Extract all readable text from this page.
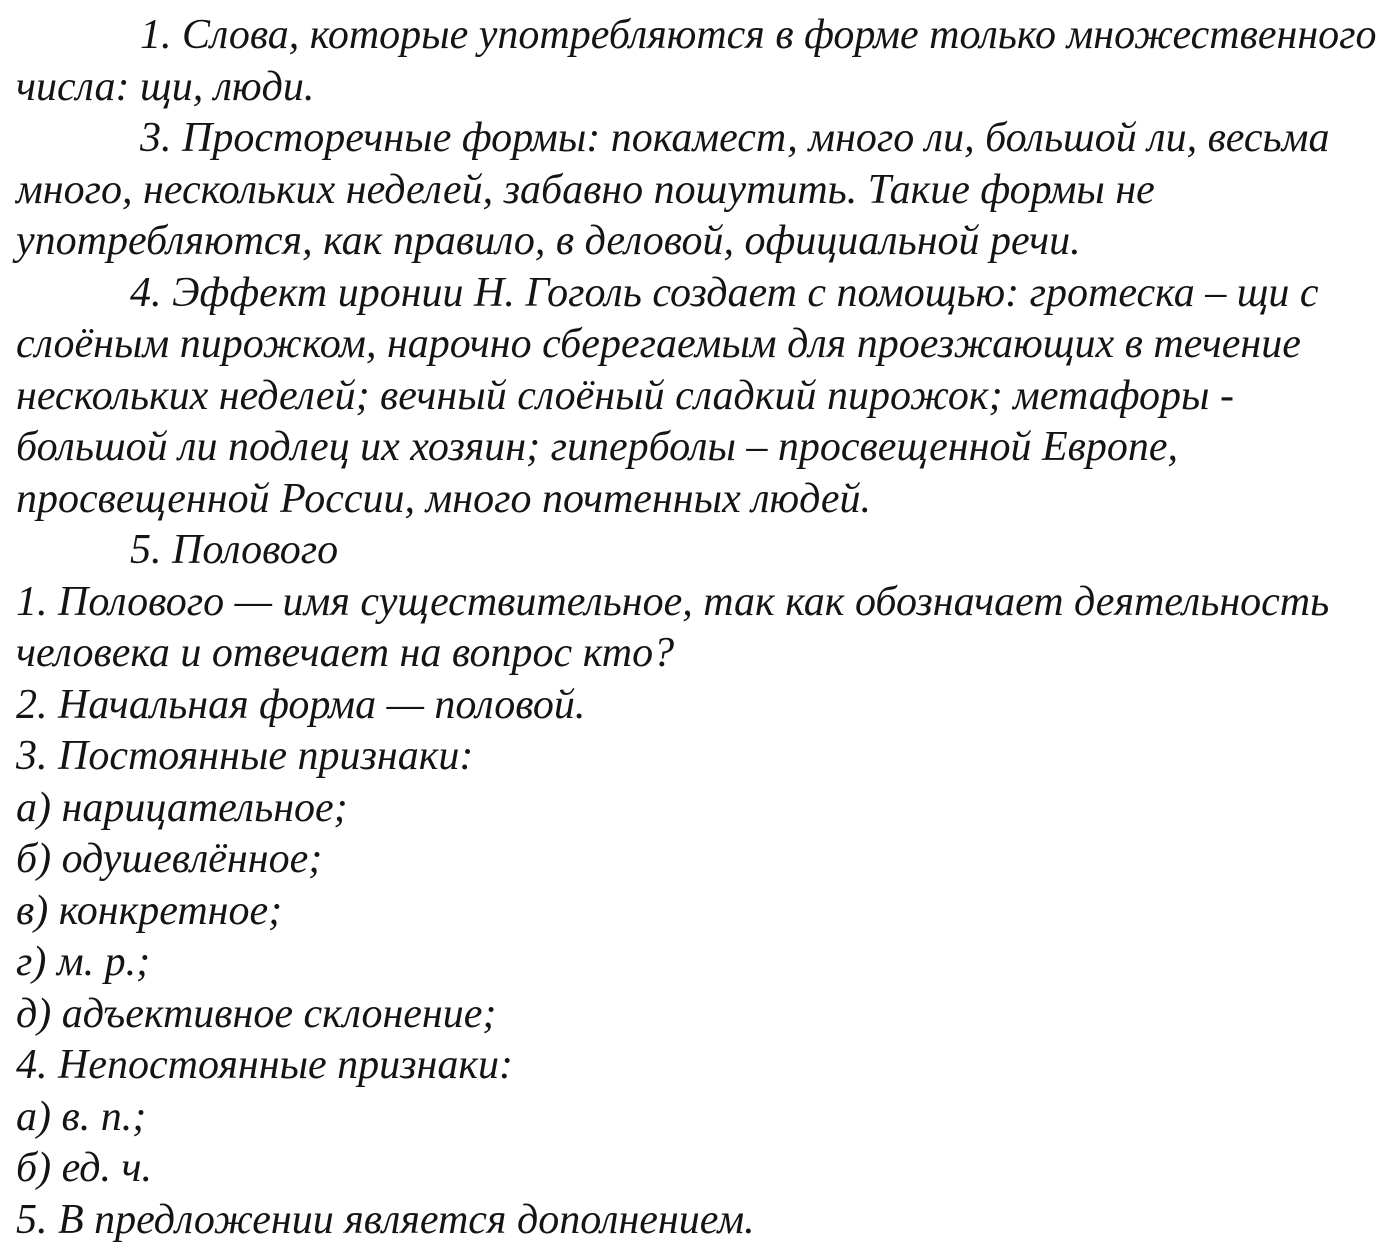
1. Слова, которые употребляются в форме только множественного числа: щи, люди.

3. Просторечные формы: покамест, много ли, большой ли, весьма много, нескольких неделей, забавно пошутить. Такие формы не употребляются, как правило, в деловой, официальной речи.

4. Эффект иронии Н. Гоголь создает с помощью: гротеска – щи с слоёным пирожком, нарочно сберегаемым для проезжающих в течение нескольких неделей; вечный слоёный сладкий пирожок; метафоры - большой ли подлец их хозяин; гиперболы – просвещенной Европе, просвещенной России, много почтенных людей.

5. Полового

1. Полового — имя существительное, так как обозначает деятельность человека и отвечает на вопрос кто?

2. Начальная форма — половой.

3. Постоянные признаки:

а) нарицательное;

б) одушевлённое;

в) конкретное;

г) м. р.;

д) адъективное склонение;

4. Непостоянные признаки:

а) в. п.;

б) ед. ч.

5. В предложении является дополнением.
